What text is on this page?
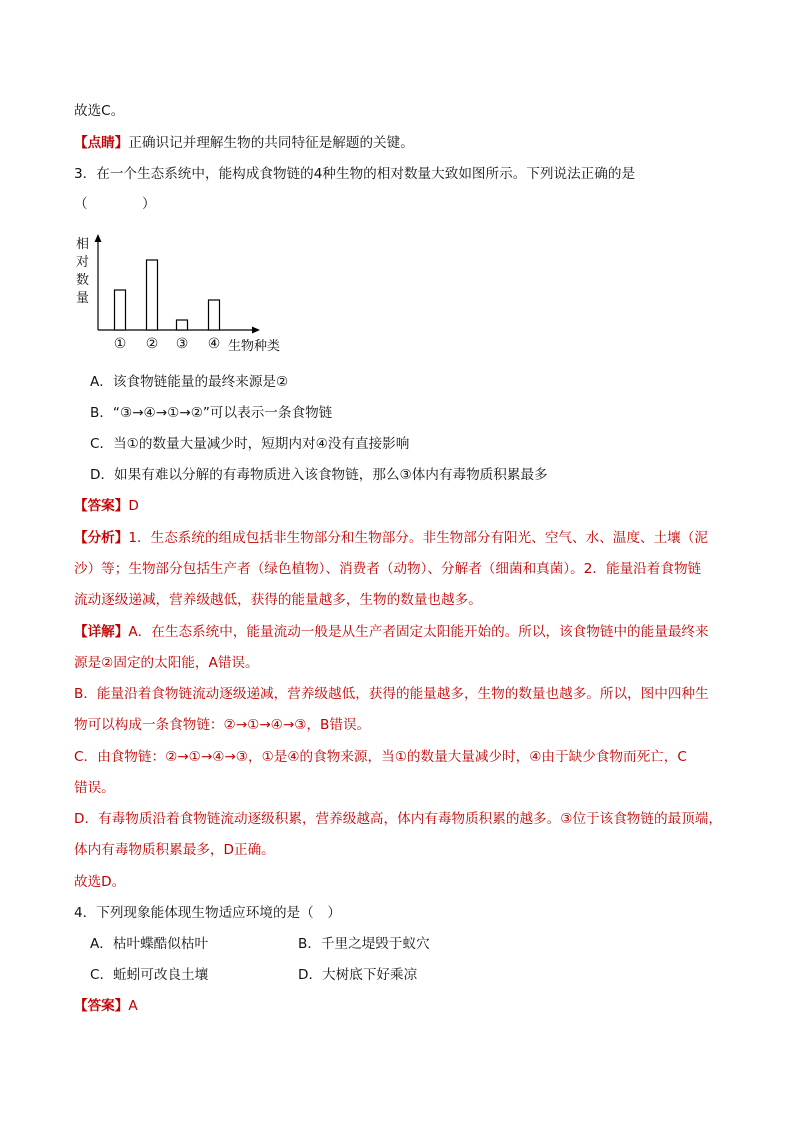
故选C。
【点睛】正确识记并理解生物的共同特征是解题的关键。
3．在一个生态系统中，能构成食物链的4种生物的相对数量大致如图所示。下列说法正确的是
（　　　　）
相
对
数
量
① ② ③ ④ 生物种类
A．该食物链能量的最终来源是②
B．“③→④→①→②”可以表示一条食物链
C．当①的数量大量减少时，短期内对④没有直接影响
D．如果有难以分解的有毒物质进入该食物链，那么③体内有毒物质积累最多
【答案】D
【分析】1．生态系统的组成包括非生物部分和生物部分。非生物部分有阳光、空气、水、温度、土壤（泥
沙）等；生物部分包括生产者（绿色植物）、消费者（动物）、分解者（细菌和真菌）。2．能量沿着食物链
流动逐级递减，营养级越低，获得的能量越多，生物的数量也越多。
【详解】A．在生态系统中，能量流动一般是从生产者固定太阳能开始的。所以，该食物链中的能量最终来
源是②固定的太阳能，A错误。
B．能量沿着食物链流动逐级递减，营养级越低，获得的能量越多，生物的数量也越多。所以，图中四种生
物可以构成一条食物链：②→①→④→③，B错误。
C．由食物链：②→①→④→③，①是④的食物来源，当①的数量大量减少时，④由于缺少食物而死亡，C
错误。
D．有毒物质沿着食物链流动逐级积累，营养级越高，体内有毒物质积累的越多。③位于该食物链的最顶端，
体内有毒物质积累最多，D正确。
故选D。
4．下列现象能体现生物适应环境的是（　）
A．枯叶蝶酷似枯叶	B．千里之堤毁于蚁穴
C．蚯蚓可改良土壤	D．大树底下好乘凉
【答案】A
